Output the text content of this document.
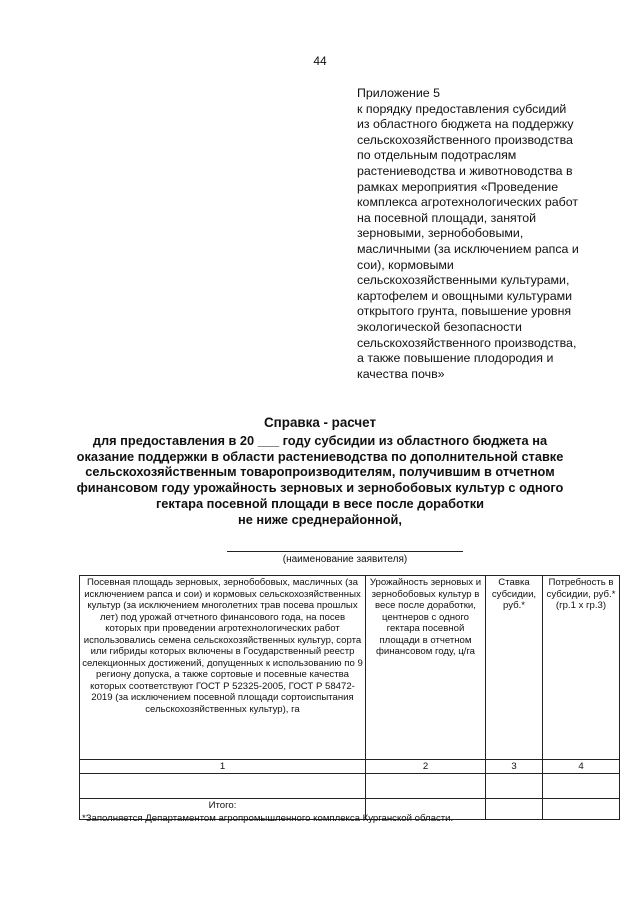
44
Приложение 5
к порядку предоставления субсидий
из областного бюджета на поддержку
сельскохозяйственного производства
по отдельным подотраслям
растениеводства и животноводства в
рамках мероприятия «Проведение
комплекса агротехнологических работ
на посевной площади, занятой
зерновыми, зернобобовыми,
масличными (за исключением рапса и
сои), кормовыми
сельскохозяйственными культурами,
картофелем и овощными культурами
открытого грунта, повышение уровня
экологической безопасности
сельскохозяйственного производства,
а также повышение плодородия и
качества почв»
Справка - расчет
для предоставления в 20 ___ году субсидии из областного бюджета на
оказание поддержки в области растениеводства по дополнительной ставке
сельскохозяйственным товаропроизводителям, получившим в отчетном
финансовом году урожайность зерновых и зернобобовых культур с одного
гектара посевной площади в весе после доработки
не ниже среднерайонной,
(наименование заявителя)
Посевная площадь зерновых, зернобобовых, масличных (за исключением рапса и сои) и кормовых сельскохозяйственных культур (за исключением многолетних трав посева прошлых лет) под урожай отчетного финансового года, на посев которых при проведении агротехнологических работ использовались семена сельскохозяйственных культур, сорта или гибриды которых включены в Государственный реестр селекционных достижений, допущенных к использованию по 9 региону допуска, а также сортовые и посевные качества которых соответствуют ГОСТ Р 52325-2005, ГОСТ Р 58472-2019 (за исключением посевной площади сортоиспытания сельскохозяйственных культур), га	Урожайность зерновых и зернобобовых культур в весе после доработки, центнеров с одного гектара посевной площади в отчетном финансовом году, ц/га	Ставка субсидии, руб.*	Потребность в субсидии, руб.* (гр.1 х гр.3)
1	2	3	4

Итого:			
*Заполняется Департаментом агропромышленного комплекса Курганской области.
